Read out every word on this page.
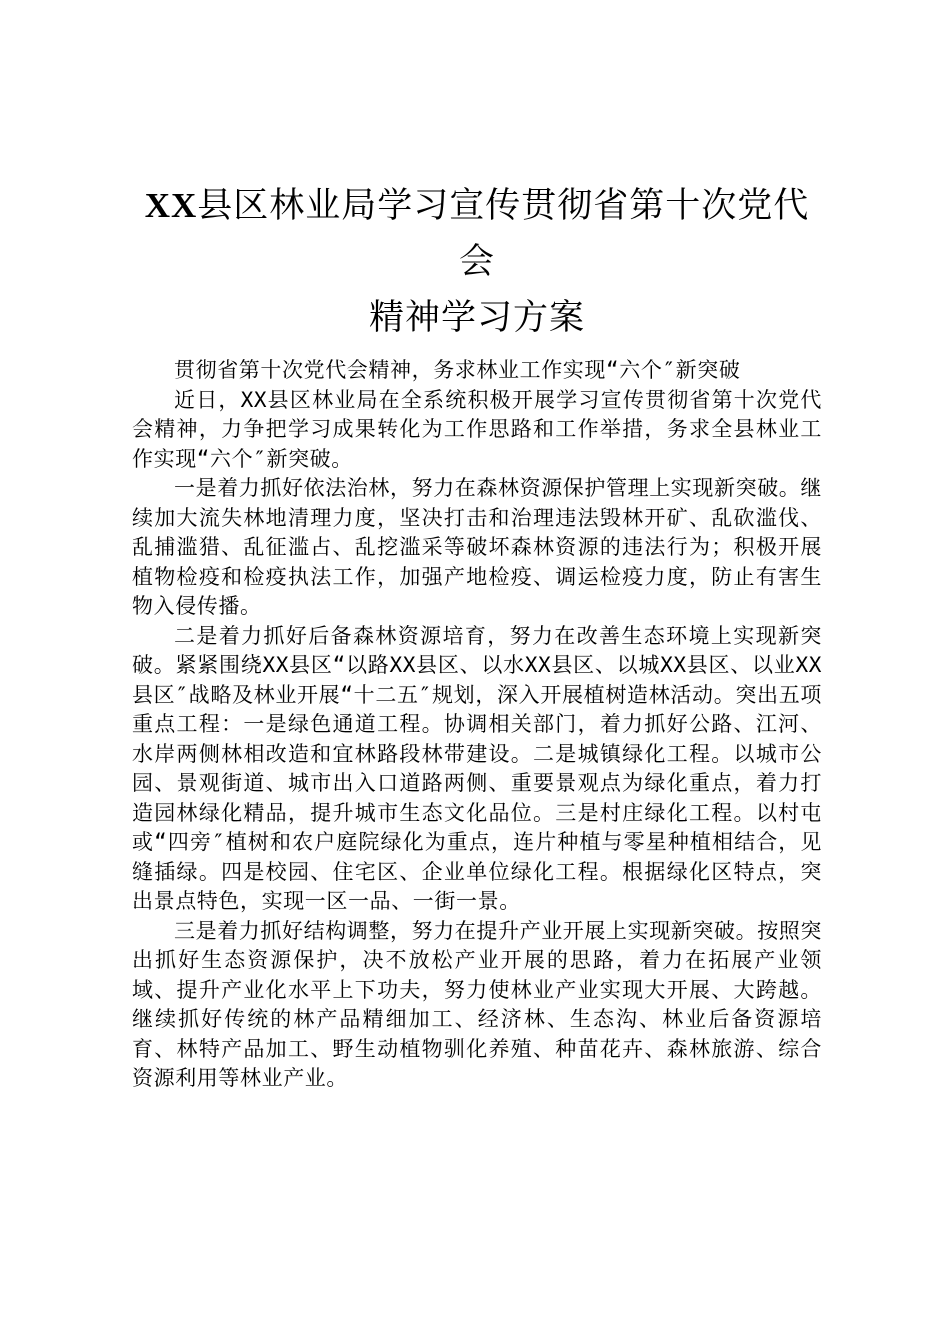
XX县区林业局学习宣传贯彻省第十次党代会
精神学习方案

贯彻省第十次党代会精神，务求林业工作实现“六个″新突破

近日，XX县区林业局在全系统积极开展学习宣传贯彻省第十次党代会精神，力争把学习成果转化为工作思路和工作举措，务求全县林业工作实现“六个″新突破。

一是着力抓好依法治林，努力在森林资源保护管理上实现新突破。继续加大流失林地清理力度，坚决打击和治理违法毁林开矿、乱砍滥伐、乱捕滥猎、乱征滥占、乱挖滥采等破坏森林资源的违法行为；积极开展植物检疫和检疫执法工作，加强产地检疫、调运检疫力度，防止有害生物入侵传播。

二是着力抓好后备森林资源培育，努力在改善生态环境上实现新突破。紧紧围绕XX县区“以路XX县区、以水XX县区、以城XX县区、以业XX县区″战略及林业开展“十二五″规划，深入开展植树造林活动。突出五项重点工程：一是绿色通道工程。协调相关部门，着力抓好公路、江河、水岸两侧林相改造和宜林路段林带建设。二是城镇绿化工程。以城市公园、景观街道、城市出入口道路两侧、重要景观点为绿化重点，着力打造园林绿化精品，提升城市生态文化品位。三是村庄绿化工程。以村屯或“四旁″植树和农户庭院绿化为重点，连片种植与零星种植相结合，见缝插绿。四是校园、住宅区、企业单位绿化工程。根据绿化区特点，突出景点特色，实现一区一品、一街一景。

三是着力抓好结构调整，努力在提升产业开展上实现新突破。按照突出抓好生态资源保护，决不放松产业开展的思路，着力在拓展产业领域、提升产业化水平上下功夫，努力使林业产业实现大开展、大跨越。继续抓好传统的林产品精细加工、经济林、生态沟、林业后备资源培育、林特产品加工、野生动植物驯化养殖、种苗花卉、森林旅游、综合资源利用等林业产业。
